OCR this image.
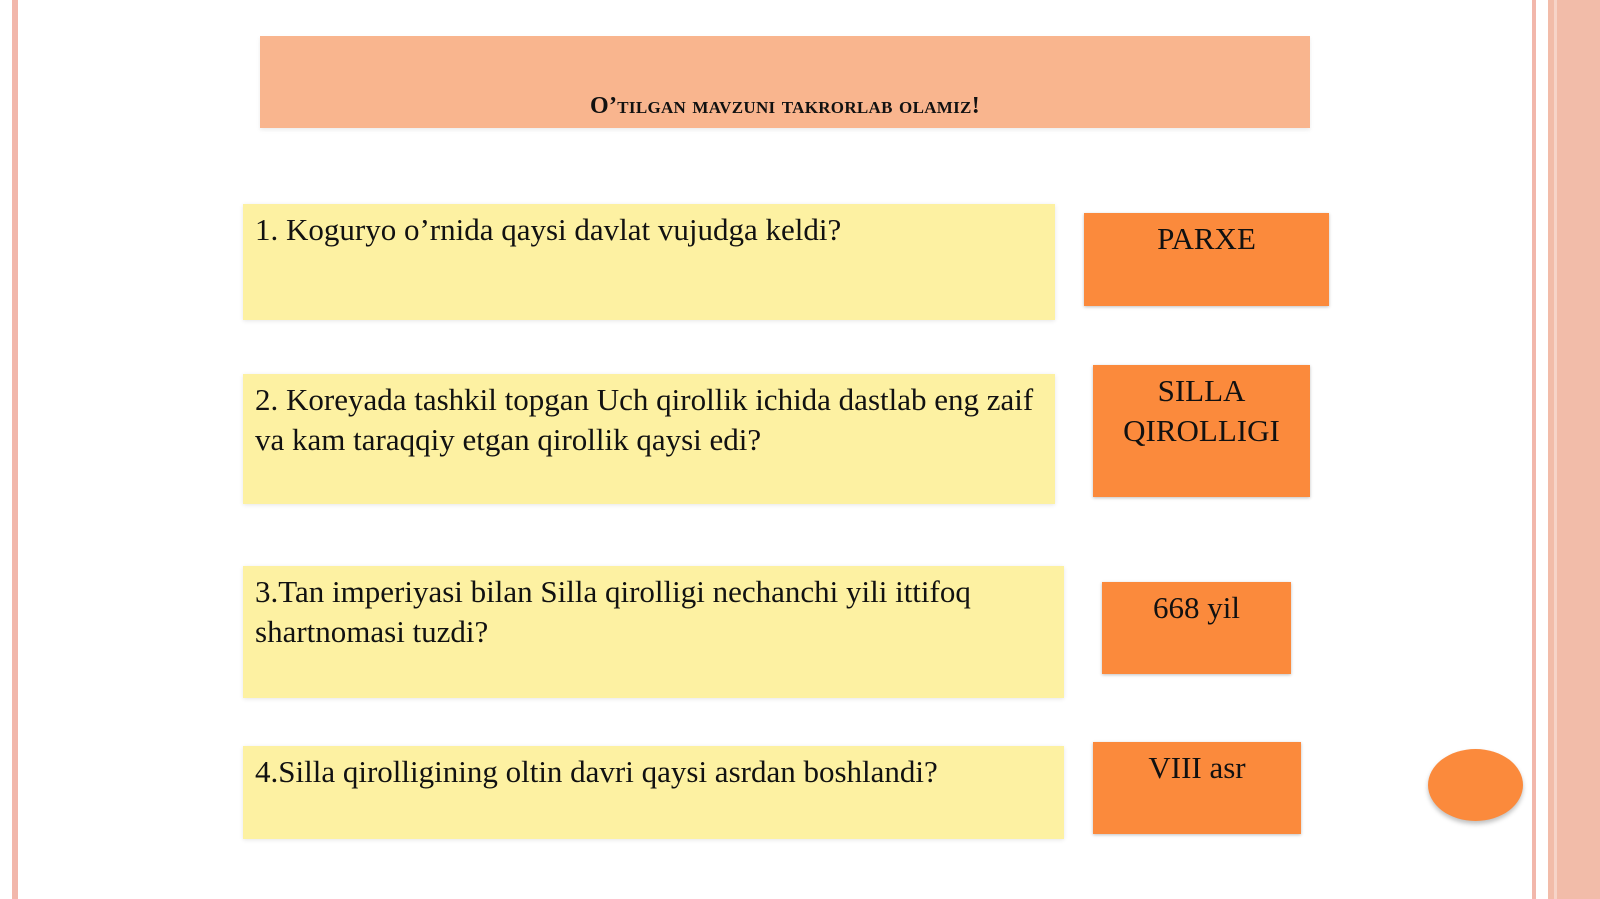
O’tilgan mavzuni takrorlab olamiz!
1. Koguryo o’rnida qaysi davlat vujudga keldi?	PARXE
2. Koreyada tashkil topgan Uch qirollik ichida dastlab eng zaif va kam taraqqiy etgan qirollik qaysi edi?
SILLA QIROLLIGI
3.Tan imperiyasi bilan Silla qirolligi nechanchi yili ittifoq shartnomasi tuzdi?
668 yil
4.Silla qirolligining oltin davri qaysi asrdan boshlandi?	VIII asr
